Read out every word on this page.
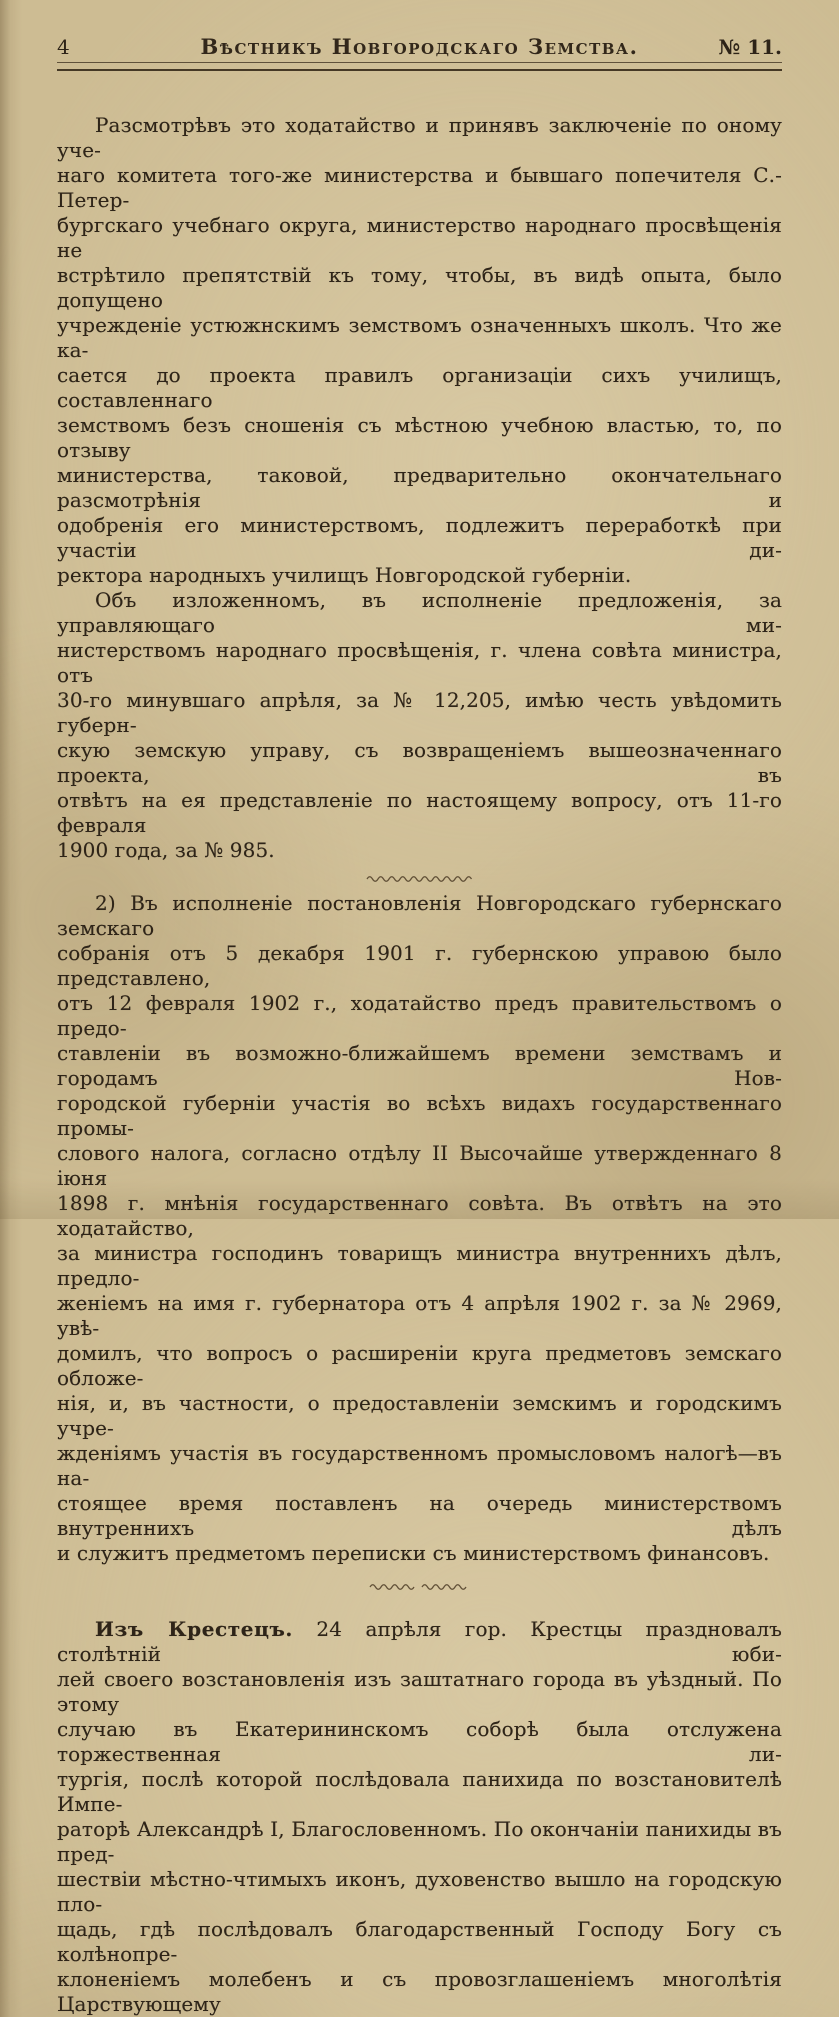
4	Вѣстникъ Новгородскаго Земства.	№ 11.
Разсмотрѣвъ это ходатайство и принявъ заключеніе по оному уче-
наго комитета того-же министерства и бывшаго попечителя С.-Петер-
бургскаго учебнаго округа, министерство народнаго просвѣщенія не
встрѣтило препятствій къ тому, чтобы, въ видѣ опыта, было допущено
учрежденіе устюжнскимъ земствомъ означенныхъ школъ. Что же ка-
сается до проекта правилъ организаціи сихъ училищъ, составленнаго
земствомъ безъ сношенія съ мѣстною учебною властью, то, по отзыву
министерства, таковой, предварительно окончательнаго разсмотрѣнія и
одобренія его министерствомъ, подлежитъ переработкѣ при участіи ди-
ректора народныхъ училищъ Новгородской губерніи.
Объ изложенномъ, въ исполненіе предложенія, за управляющаго ми-
нистерствомъ народнаго просвѣщенія, г. члена совѣта министра, отъ
30-го минувшаго апрѣля, за № 12,205, имѣю честь увѣдомить губерн-
скую земскую управу, съ возвращеніемъ вышеозначеннаго проекта, въ
отвѣтъ на ея представленіе по настоящему вопросу, отъ 11-го февраля
1900 года, за № 985.
2) Въ исполненіе постановленія Новгородскаго губернскаго земскаго
собранія отъ 5 декабря 1901 г. губернскою управою было представлено,
отъ 12 февраля 1902 г., ходатайство предъ правительствомъ о предо-
ставленіи въ возможно-ближайшемъ времени земствамъ и городамъ Нов-
городской губерніи участія во всѣхъ видахъ государственнаго промы-
слового налога, согласно отдѣлу II Высочайше утвержденнаго 8 іюня
1898 г. мнѣнія государственнаго совѣта. Въ отвѣтъ на это ходатайство,
за министра господинъ товарищъ министра внутреннихъ дѣлъ, предло-
женіемъ на имя г. губернатора отъ 4 апрѣля 1902 г. за № 2969, увѣ-
домилъ, что вопросъ о расширеніи круга предметовъ земскаго обложе-
нія, и, въ частности, о предоставленіи земскимъ и городскимъ учре-
жденіямъ участія въ государственномъ промысловомъ налогѣ—въ на-
стоящее время поставленъ на очередь министерствомъ внутреннихъ дѣлъ
и служитъ предметомъ переписки съ министерствомъ финансовъ.
Изъ Крестецъ. 24 апрѣля гор. Крестцы праздновалъ столѣтній юби-
лей своего возстановленія изъ заштатнаго города въ уѣздный. По этому
случаю въ Екатерининскомъ соборѣ была отслужена торжественная ли-
тургія, послѣ которой послѣдовала панихида по возстановителѣ Импе-
раторѣ Александрѣ I, Благословенномъ. По окончаніи панихиды въ пред-
шествіи мѣстно-чтимыхъ иконъ, духовенство вышло на городскую пло-
щадь, гдѣ послѣдовалъ благодарственный Господу Богу съ колѣнопре-
клоненіемъ молебенъ и съ провозглашеніемъ многолѣтія Царствующему
